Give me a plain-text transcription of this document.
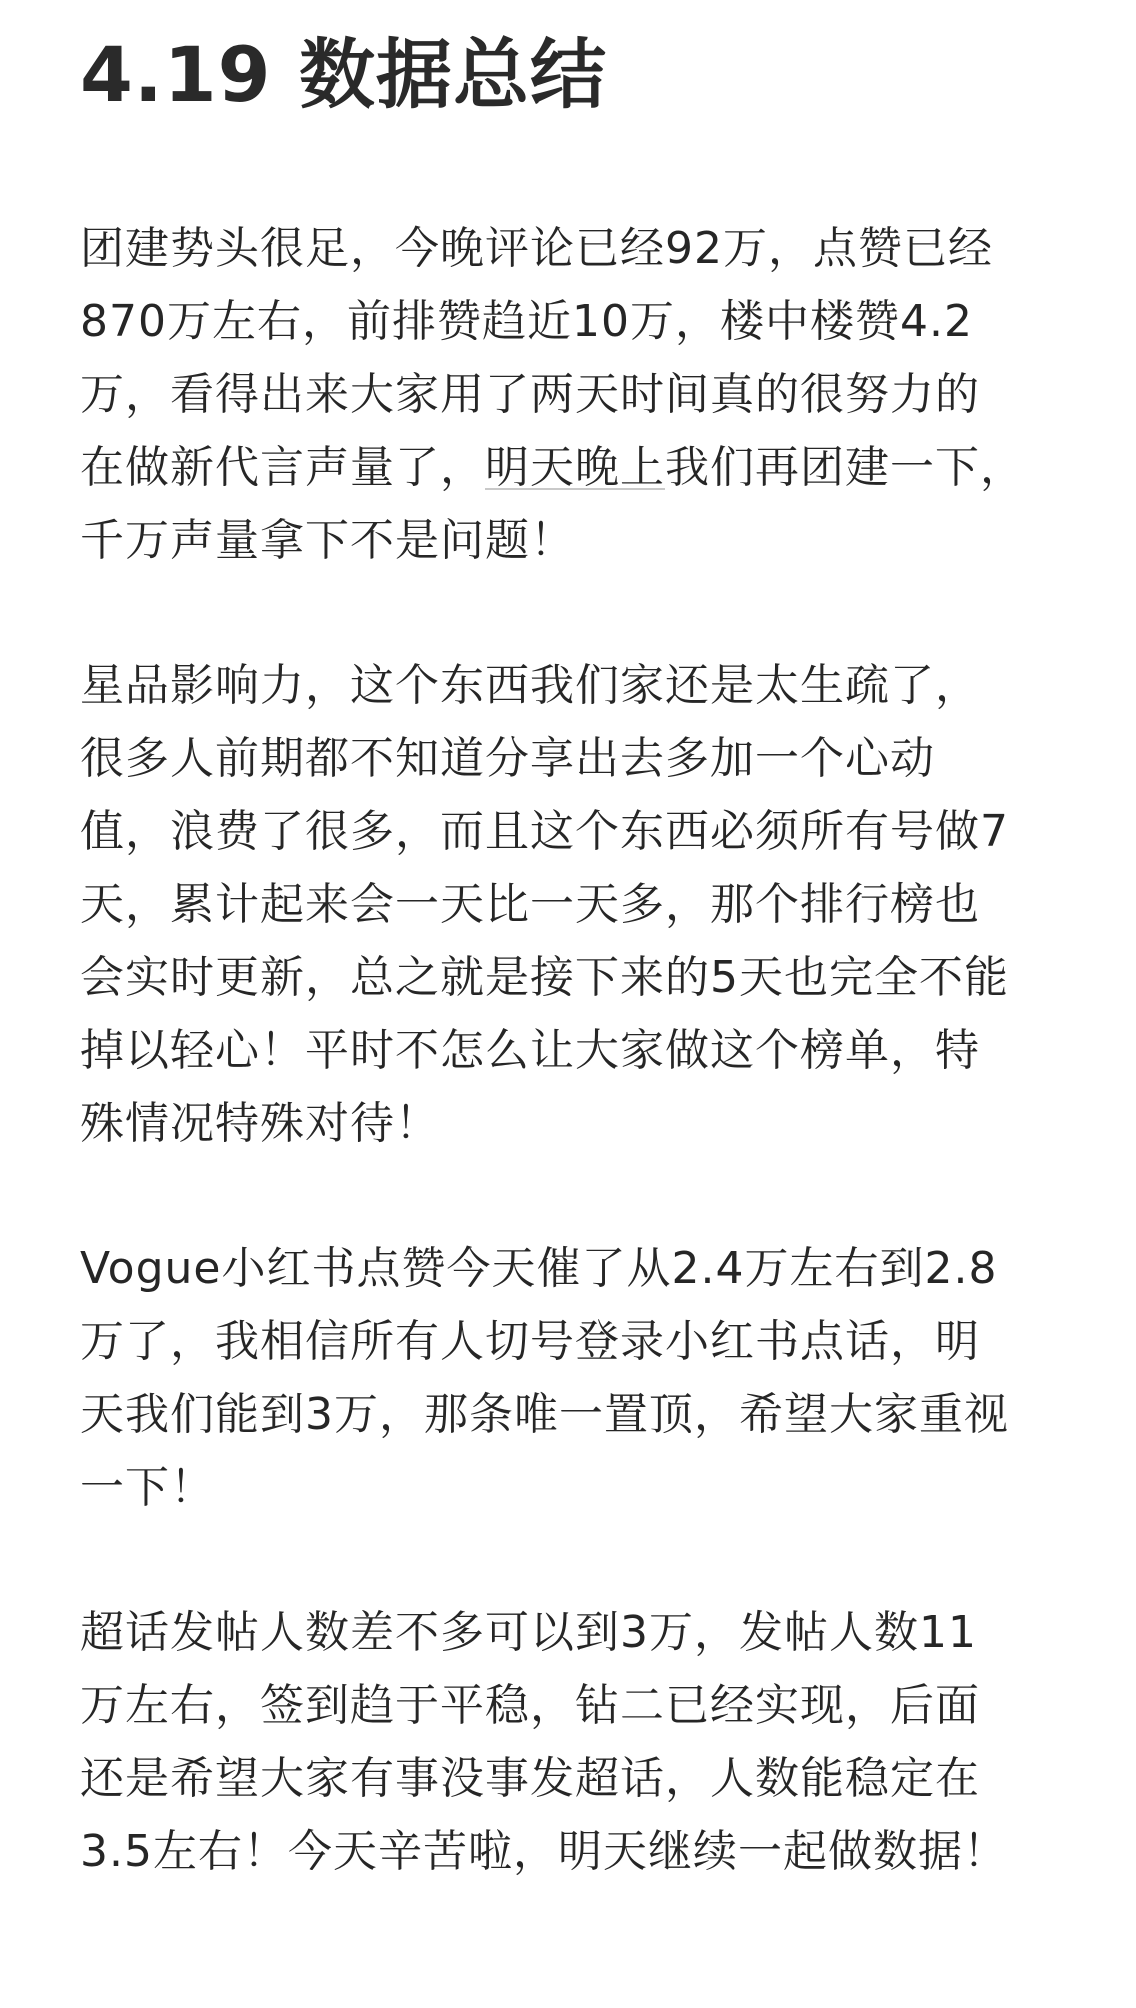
4.19 数据总结
团建势头很足，今晚评论已经92万，点赞已经
870万左右，前排赞趋近10万，楼中楼赞4.2
万，看得出来大家用了两天时间真的很努力的
在做新代言声量了，明天晚上我们再团建一下，
千万声量拿下不是问题！
星品影响力，这个东西我们家还是太生疏了，
很多人前期都不知道分享出去多加一个心动
值，浪费了很多，而且这个东西必须所有号做7
天，累计起来会一天比一天多，那个排行榜也
会实时更新，总之就是接下来的5天也完全不能
掉以轻心！平时不怎么让大家做这个榜单，特
殊情况特殊对待！
Vogue小红书点赞今天催了从2.4万左右到2.8
万了，我相信所有人切号登录小红书点话，明
天我们能到3万，那条唯一置顶，希望大家重视
一下！
超话发帖人数差不多可以到3万，发帖人数11
万左右，签到趋于平稳，钻二已经实现，后面
还是希望大家有事没事发超话，人数能稳定在
3.5左右！今天辛苦啦，明天继续一起做数据！
